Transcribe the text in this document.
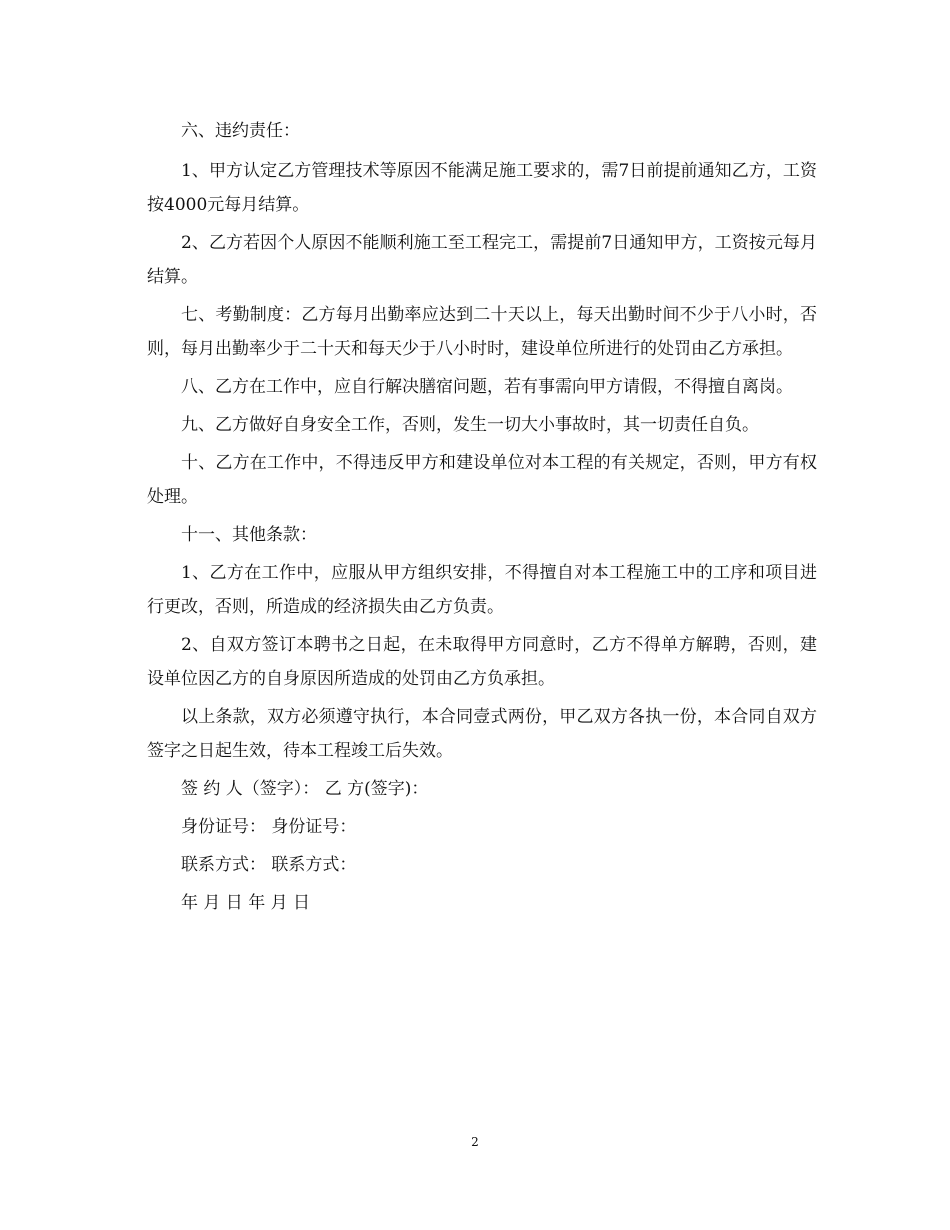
六、违约责任：

1、甲方认定乙方管理技术等原因不能满足施工要求的，需7日前提前通知乙方，工资按4000元每月结算。

2、乙方若因个人原因不能顺利施工至工程完工，需提前7日通知甲方，工资按元每月结算。

七、考勤制度：乙方每月出勤率应达到二十天以上，每天出勤时间不少于八小时，否则，每月出勤率少于二十天和每天少于八小时时，建设单位所进行的处罚由乙方承担。

八、乙方在工作中，应自行解决膳宿问题，若有事需向甲方请假，不得擅自离岗。

九、乙方做好自身安全工作，否则，发生一切大小事故时，其一切责任自负。

十、乙方在工作中，不得违反甲方和建设单位对本工程的有关规定，否则，甲方有权处理。

十一、其他条款：

1、乙方在工作中，应服从甲方组织安排，不得擅自对本工程施工中的工序和项目进行更改，否则，所造成的经济损失由乙方负责。

2、自双方签订本聘书之日起，在未取得甲方同意时，乙方不得单方解聘，否则，建设单位因乙方的自身原因所造成的处罚由乙方负承担。

以上条款，双方必须遵守执行，本合同壹式两份，甲乙双方各执一份，本合同自双方签字之日起生效，待本工程竣工后失效。

签 约 人（签字）： 乙 方(签字)：

身份证号： 身份证号：

联系方式： 联系方式：

年 月 日 年 月 日

2
